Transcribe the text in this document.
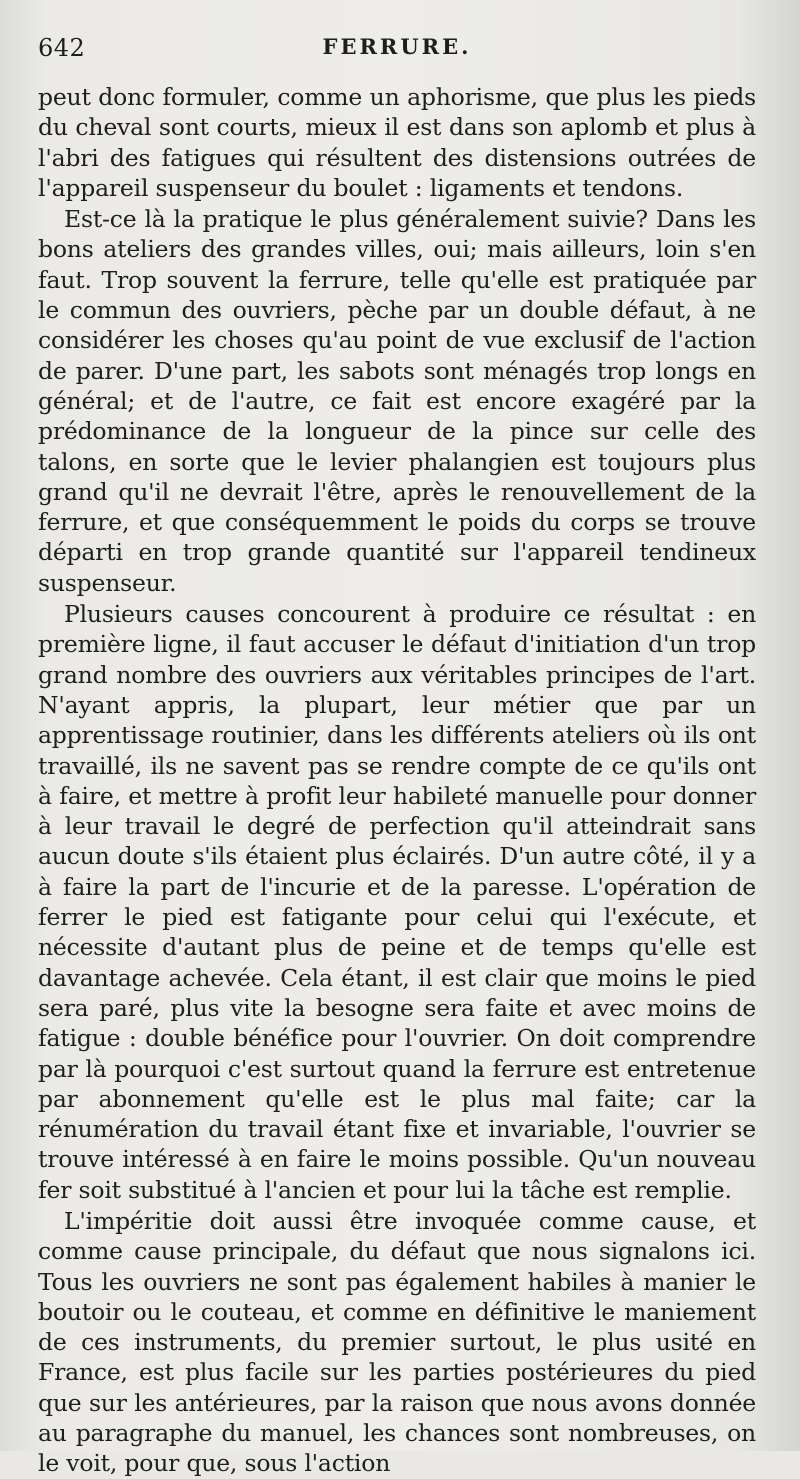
642	FERRURE.

peut donc formuler, comme un aphorisme, que plus les pieds du cheval sont courts, mieux il est dans son aplomb et plus à l'abri des fatigues qui résultent des distensions outrées de l'appareil suspenseur du boulet : ligaments et tendons.

Est-ce là la pratique le plus généralement suivie? Dans les bons ateliers des grandes villes, oui; mais ailleurs, loin s'en faut. Trop souvent la ferrure, telle qu'elle est pratiquée par le commun des ouvriers, pèche par un double défaut, à ne considérer les choses qu'au point de vue exclusif de l'action de parer. D'une part, les sabots sont ménagés trop longs en général; et de l'autre, ce fait est encore exagéré par la prédominance de la longueur de la pince sur celle des talons, en sorte que le levier phalangien est toujours plus grand qu'il ne devrait l'être, après le renouvellement de la ferrure, et que conséquemment le poids du corps se trouve départi en trop grande quantité sur l'appareil tendineux suspenseur.

Plusieurs causes concourent à produire ce résultat : en première ligne, il faut accuser le défaut d'initiation d'un trop grand nombre des ouvriers aux véritables principes de l'art. N'ayant appris, la plupart, leur métier que par un apprentissage routinier, dans les différents ateliers où ils ont travaillé, ils ne savent pas se rendre compte de ce qu'ils ont à faire, et mettre à profit leur habileté manuelle pour donner à leur travail le degré de perfection qu'il atteindrait sans aucun doute s'ils étaient plus éclairés. D'un autre côté, il y a à faire la part de l'incurie et de la paresse. L'opération de ferrer le pied est fatigante pour celui qui l'exécute, et nécessite d'autant plus de peine et de temps qu'elle est davantage achevée. Cela étant, il est clair que moins le pied sera paré, plus vite la besogne sera faite et avec moins de fatigue : double bénéfice pour l'ouvrier. On doit comprendre par là pourquoi c'est surtout quand la ferrure est entretenue par abonnement qu'elle est le plus mal faite; car la rénumération du travail étant fixe et invariable, l'ouvrier se trouve intéressé à en faire le moins possible. Qu'un nouveau fer soit substitué à l'ancien et pour lui la tâche est remplie.

L'impéritie doit aussi être invoquée comme cause, et comme cause principale, du défaut que nous signalons ici. Tous les ouvriers ne sont pas également habiles à manier le boutoir ou le couteau, et comme en définitive le maniement de ces instruments, du premier surtout, le plus usité en France, est plus facile sur les parties postérieures du pied que sur les antérieures, par la raison que nous avons donnée au paragraphe du manuel, les chances sont nombreuses, on le voit, pour que, sous l'action
